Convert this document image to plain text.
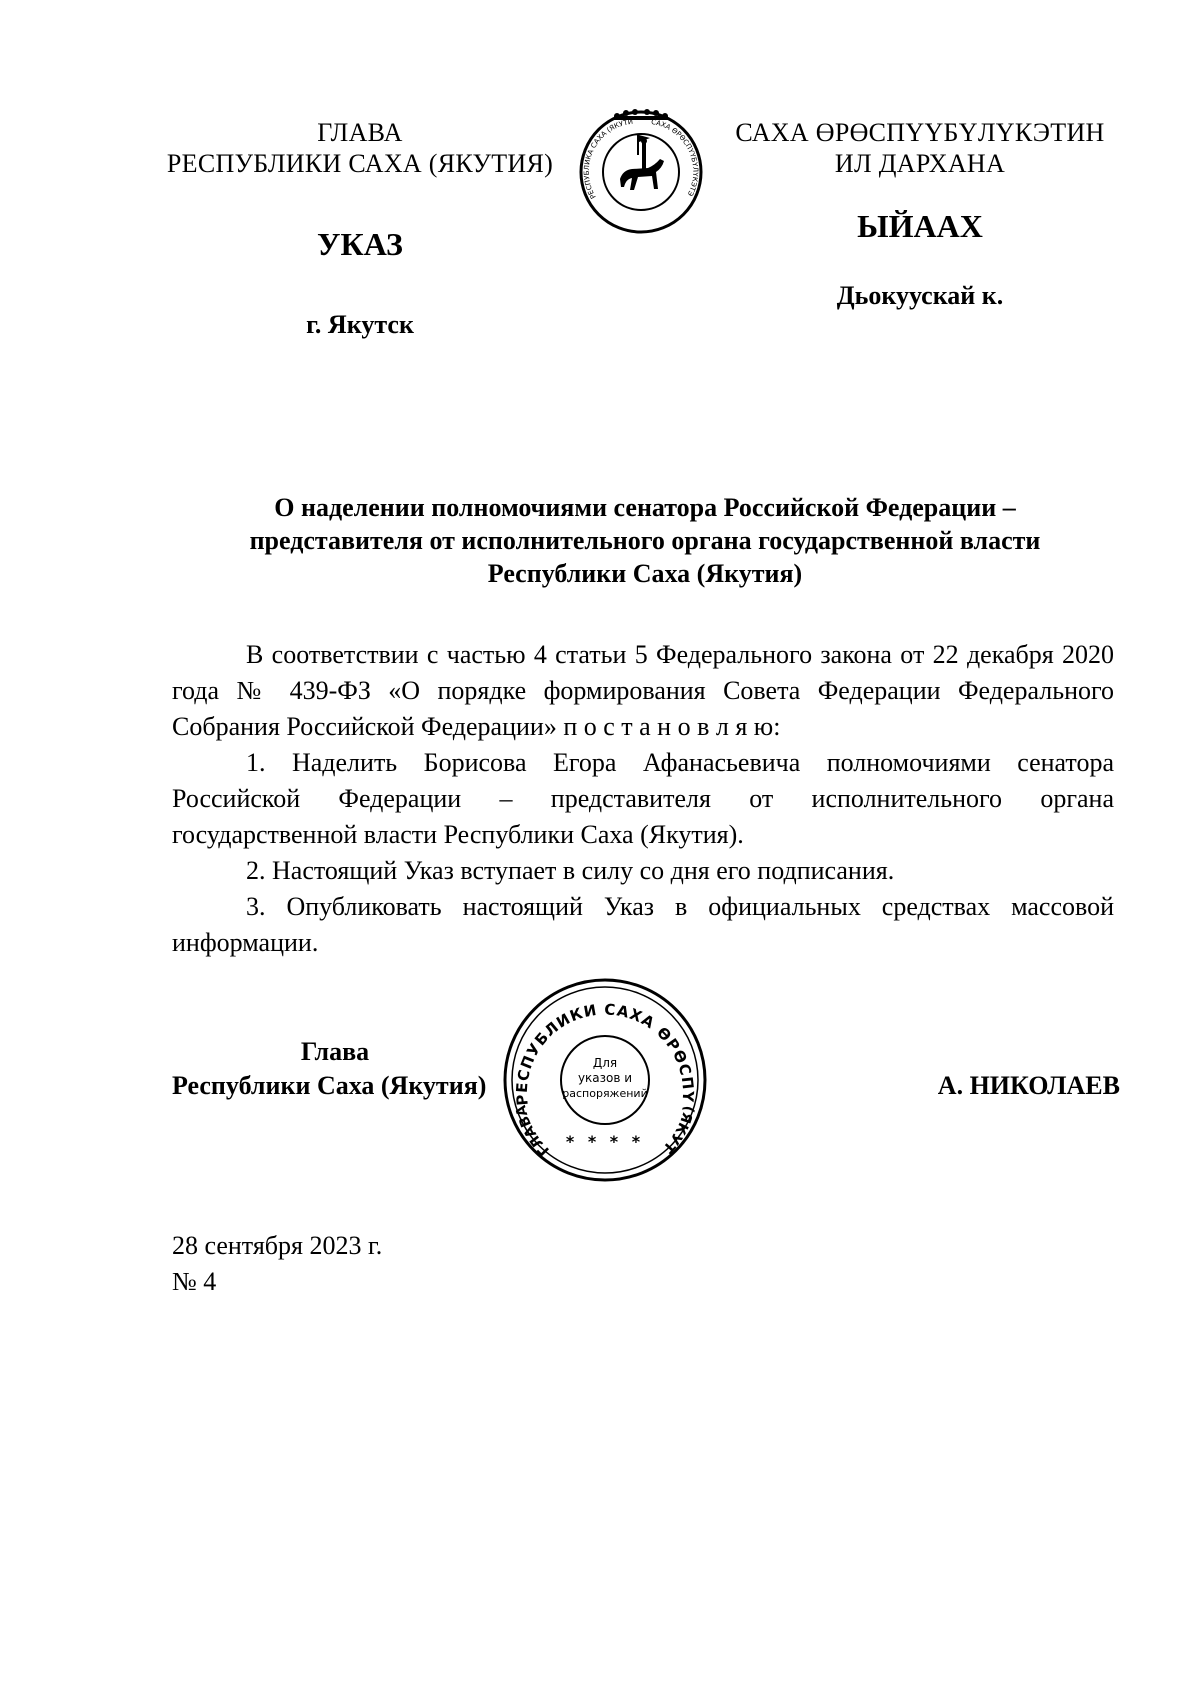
ГЛАВА
РЕСПУБЛИКИ САХА (ЯКУТИЯ)
САХА ӨРӨСПҮҮБҮЛҮКЭТИН
ИЛ ДАРХАНА
РЕСПУБЛИКА САХА (ЯКУТИ САХА ӨРӨСПҮҮБҮЛҮКЭТЭ
УКАЗ	ЫЙААХ
г. Якутск
Дьокуускай к.
О наделении полномочиями сенатора Российской Федерации –
представителя от исполнительного органа государственной власти
Республики Саха (Якутия)

В соответствии с частью 4 статьи 5 Федерального закона от 22 декабря 2020 года № 439-ФЗ «О порядке формирования Совета Федерации Федерального Собрания Российской Федерации» п о с т а н о в л я ю:

1. Наделить Борисова Егора Афанасьевича полномочиями сенатора Российской Федерации – представителя от исполнительного органа государственной власти Республики Саха (Якутия).

2. Настоящий Указ вступает в силу со дня его подписания.

3. Опубликовать настоящий Указ в официальных средствах массовой информации.

Глава
Республики Саха (Якутия)	А. НИКОЛАЕВ
РЕСПУБЛИКИ САХА ӨРӨСПҮ
ГЛАВА	(ЯКУТ
Для
указов и
распоряжений
* * * *
28 сентября 2023 г.
№ 4
